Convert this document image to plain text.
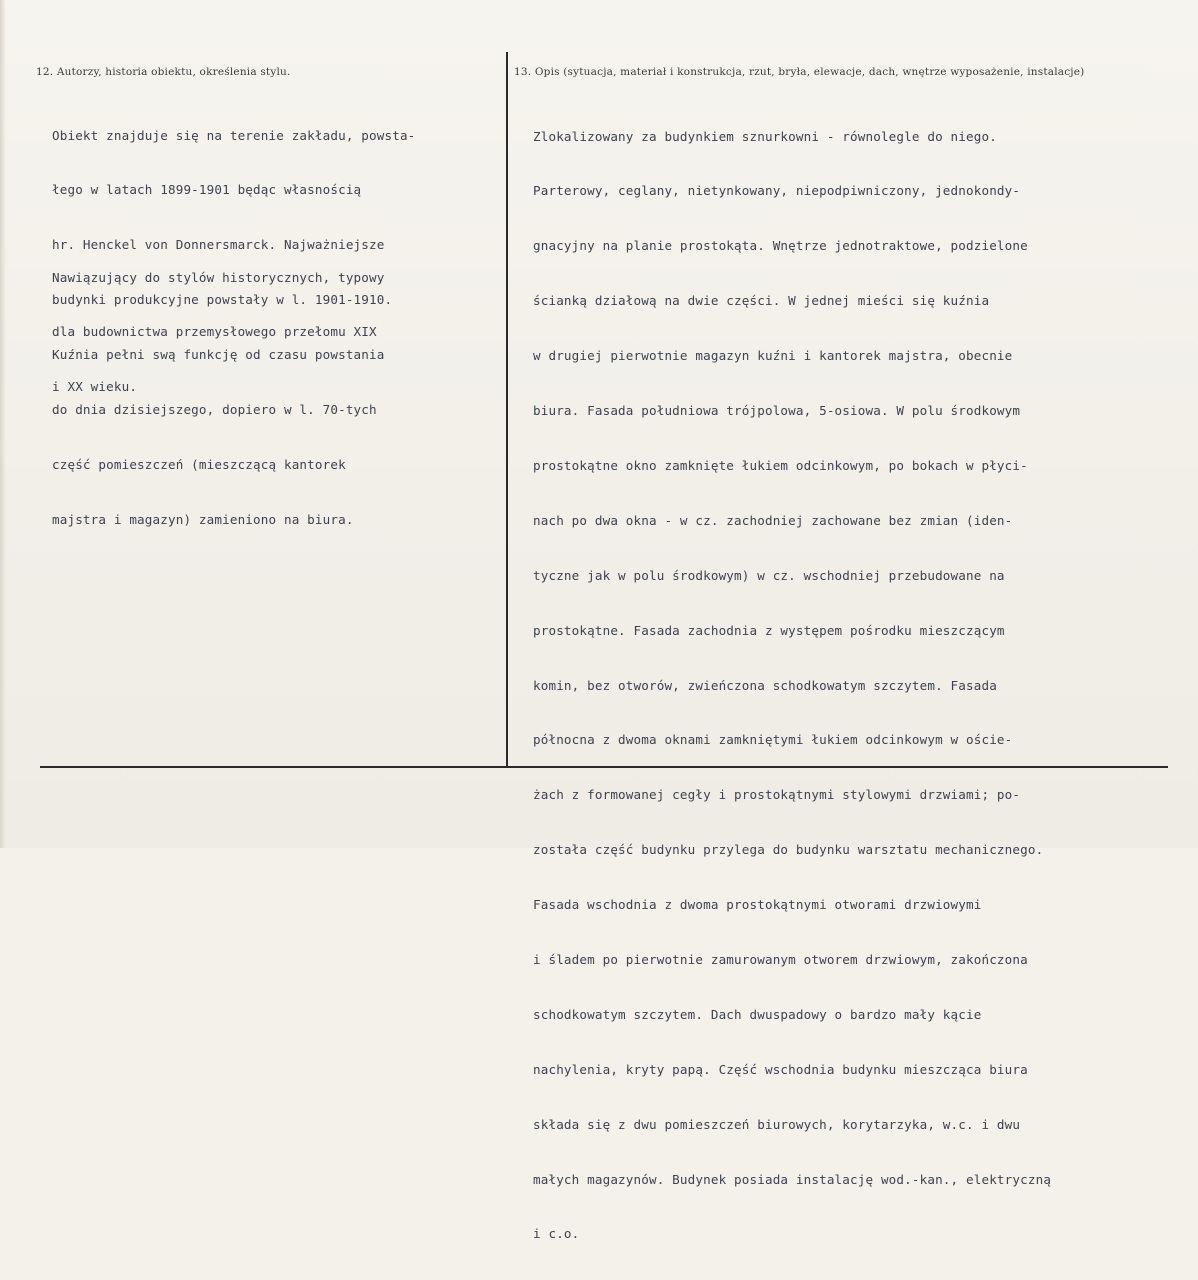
12. Autorzy, historia obiektu, określenia stylu.	13. Opis (sytuacja, materiał i konstrukcja, rzut, bryła, elewacje, dach, wnętrze wyposażenie, instalacje)

Obiekt znajduje się na terenie zakładu, powsta-

łego w latach 1899-1901 będąc własnością

hr. Henckel von Donnersmarck. Najważniejsze

budynki produkcyjne powstały w l. 1901-1910.

Kuźnia pełni swą funkcję od czasu powstania

do dnia dzisiejszego, dopiero w l. 70-tych

część pomieszczeń (mieszczącą kantorek

majstra i magazyn) zamieniono na biura.

Nawiązujący do stylów historycznych, typowy

dla budownictwa przemysłowego przełomu XIX

i XX wieku.

Zlokalizowany za budynkiem sznurkowni - równolegle do niego.

Parterowy, ceglany, nietynkowany, niepodpiwniczony, jednokondy-

gnacyjny na planie prostokąta. Wnętrze jednotraktowe, podzielone

ścianką działową na dwie części. W jednej mieści się kuźnia

w drugiej pierwotnie magazyn kuźni i kantorek majstra, obecnie

biura. Fasada południowa trójpolowa, 5-osiowa. W polu środkowym

prostokątne okno zamknięte łukiem odcinkowym, po bokach w płyci-

nach po dwa okna - w cz. zachodniej zachowane bez zmian (iden-

tyczne jak w polu środkowym) w cz. wschodniej przebudowane na

prostokątne. Fasada zachodnia z występem pośrodku mieszczącym

komin, bez otworów, zwieńczona schodkowatym szczytem. Fasada

północna z dwoma oknami zamkniętymi łukiem odcinkowym w oście-

żach z formowanej cegły i prostokątnymi stylowymi drzwiami; po-

została część budynku przylega do budynku warsztatu mechanicznego.

Fasada wschodnia z dwoma prostokątnymi otworami drzwiowymi

i śladem po pierwotnie zamurowanym otworem drzwiowym, zakończona

schodkowatym szczytem. Dach dwuspadowy o bardzo mały kącie

nachylenia, kryty papą. Część wschodnia budynku mieszcząca biura

składa się z dwu pomieszczeń biurowych, korytarzyka, w.c. i dwu

małych magazynów. Budynek posiada instalację wod.-kan., elektryczną

i c.o.
